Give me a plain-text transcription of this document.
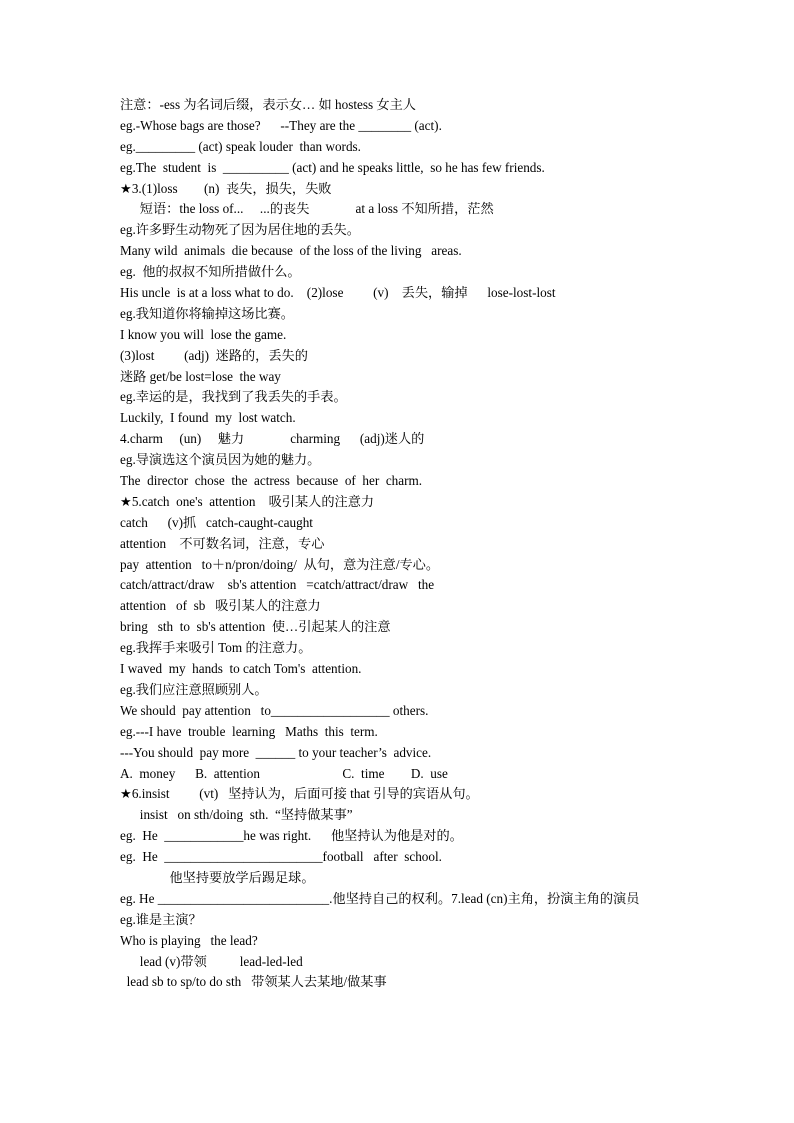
注意：-ess 为名词后缀，表示女… 如 hostess 女主人
eg.-Whose bags are those?      --They are the ________ (act).
eg._________ (act) speak louder  than words.
eg.The  student  is  __________ (act) and he speaks little,  so he has few friends.
★3.(1)loss        (n)  丧失，损失，失败
短语：the loss of...     ...的丧失              at a loss 不知所措，茫然
eg.许多野生动物死了因为居住地的丢失。
Many wild  animals  die because  of the loss of the living   areas.
eg.  他的叔叔不知所措做什么。
His uncle  is at a loss what to do.    (2)lose         (v)    丢失，输掉      lose-lost-lost
eg.我知道你将输掉这场比赛。
I know you will  lose the game.
(3)lost         (adj)  迷路的，丢失的
迷路 get/be lost=lose  the way
eg.幸运的是，我找到了我丢失的手表。
Luckily,  I found  my  lost watch.
4.charm     (un)     魅力              charming      (adj)迷人的
eg.导演选这个演员因为她的魅力。
The  director  chose  the  actress  because  of  her  charm.
★5.catch  one's  attention    吸引某人的注意力
catch      (v)抓   catch-caught-caught
attention    不可数名词，注意，专心
pay  attention   to＋n/pron/doing/  从句，意为注意/专心。
catch/attract/draw    sb's attention   =catch/attract/draw   the
attention   of  sb   吸引某人的注意力
bring   sth  to  sb's attention  使…引起某人的注意
eg.我挥手来吸引 Tom 的注意力。
I waved  my  hands  to catch Tom's  attention.
eg.我们应注意照顾别人。
We should  pay attention   to__________________ others.
eg.---I have  trouble  learning   Maths  this  term.
---You should  pay more  ______ to your teacher’s  advice.
A.  money      B.  attention                         C.  time        D.  use
★6.insist         (vt)   坚持认为，后面可接 that 引导的宾语从句。
insist   on sth/doing  sth.  “坚持做某事”
eg.  He  ____________he was right.      他坚持认为他是对的。
eg.  He  ________________________football   after  school.
他坚持要放学后踢足球。
eg. He __________________________.他坚持自己的权利。7.lead (cn)主角，扮演主角的演员
eg.谁是主演？
Who is playing   the lead?
lead (v)带领          lead-led-led
lead sb to sp/to do sth   带领某人去某地/做某事
